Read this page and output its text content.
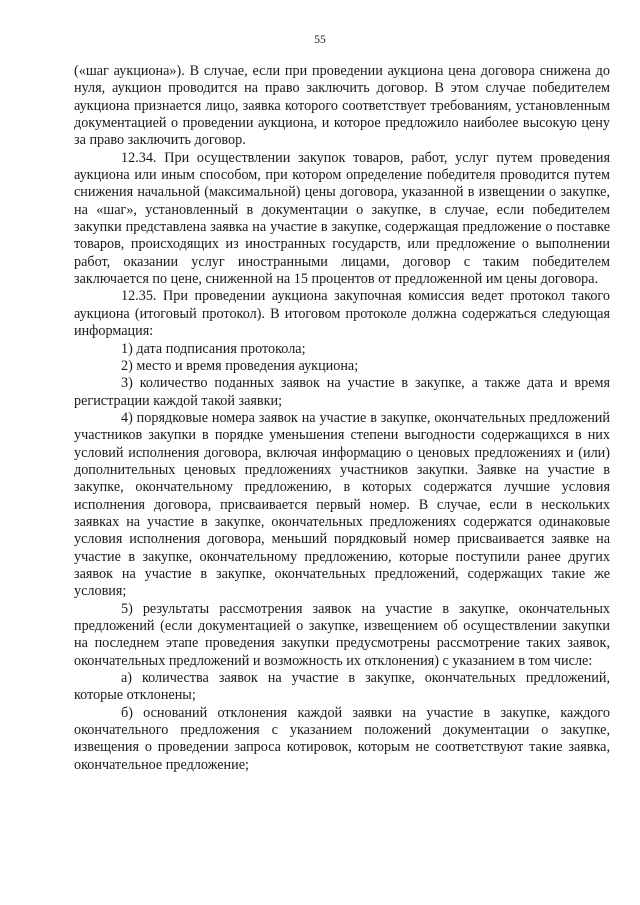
55

(«шаг аукциона»). В случае, если при проведении аукциона цена договора снижена до нуля, аукцион проводится на право заключить договор. В этом случае победителем аукциона признается лицо, заявка которого соответствует требованиям, установленным документацией о проведении аукциона, и которое предложило наиболее высокую цену за право заключить договор.

12.34. При осуществлении закупок товаров, работ, услуг путем проведения аукциона или иным способом, при котором определение победителя проводится путем снижения начальной (максимальной) цены договора, указанной в извещении о закупке, на «шаг», установленный в документации о закупке, в случае, если победителем закупки представлена заявка на участие в закупке, содержащая предложение о поставке товаров, происходящих из иностранных государств, или предложение о выполнении работ, оказании услуг иностранными лицами, договор с таким победителем заключается по цене, сниженной на 15 процентов от предложенной им цены договора.

12.35. При проведении аукциона закупочная комиссия ведет протокол такого аукциона (итоговый протокол). В итоговом протоколе должна содержаться следующая информация:

1) дата подписания протокола;

2) место и время проведения аукциона;

3) количество поданных заявок на участие в закупке, а также дата и время регистрации каждой такой заявки;

4) порядковые номера заявок на участие в закупке, окончательных предложений участников закупки в порядке уменьшения степени выгодности содержащихся в них условий исполнения договора, включая информацию о ценовых предложениях и (или) дополнительных ценовых предложениях участников закупки. Заявке на участие в закупке, окончательному предложению, в которых содержатся лучшие условия исполнения договора, присваивается первый номер. В случае, если в нескольких заявках на участие в закупке, окончательных предложениях содержатся одинаковые условия исполнения договора, меньший порядковый номер присваивается заявке на участие в закупке, окончательному предложению, которые поступили ранее других заявок на участие в закупке, окончательных предложений, содержащих такие же условия;

5) результаты рассмотрения заявок на участие в закупке, окончательных предложений (если документацией о закупке, извещением об осуществлении закупки на последнем этапе проведения закупки предусмотрены рассмотрение таких заявок, окончательных предложений и возможность их отклонения) с указанием в том числе:

а) количества заявок на участие в закупке, окончательных предложений, которые отклонены;

б) оснований отклонения каждой заявки на участие в закупке, каждого окончательного предложения с указанием положений документации о закупке, извещения о проведении запроса котировок, которым не соответствуют такие заявка, окончательное предложение;
